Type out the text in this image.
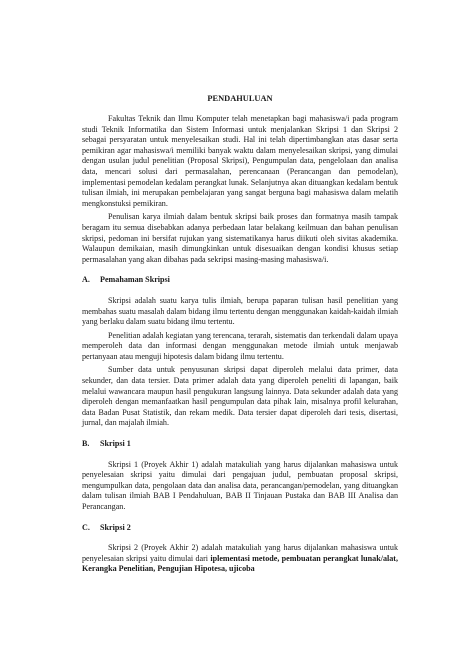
PENDAHULUAN

Fakultas Teknik dan Ilmu Komputer telah menetapkan bagi mahasiswa/i pada program studi Teknik Informatika dan Sistem Informasi untuk menjalankan Skripsi 1 dan Skripsi 2 sebagai persyaratan untuk menyelesaikan studi. Hal ini telah dipertimbangkan atas dasar serta pemikiran agar mahasiswa/i memiliki banyak waktu dalam menyelesaikan skripsi, yang dimulai dengan usulan judul penelitian (Proposal Skripsi), Pengumpulan data, pengelolaan dan analisa data, mencari solusi dari permasalahan, perencanaan (Perancangan dan pemodelan), implementasi pemodelan kedalam perangkat lunak. Selanjutnya akan dituangkan kedalam bentuk tulisan ilmiah, ini merupakan pembelajaran yang sangat berguna bagi mahasiswa dalam melatih mengkonstuksi pemikiran.

Penulisan karya ilmiah dalam bentuk skripsi baik proses dan formatnya masih tampak beragam itu semua disebabkan adanya perbedaan latar belakang keilmuan dan bahan penulisan skripsi, pedoman ini bersifat rujukan yang sistematikanya harus diikuti oleh sivitas akademika. Walaupun demikaian, masih dimungkinkan untuk disesuaikan dengan kondisi khusus setiap permasalahan yang akan dibahas pada sekripsi masing-masing mahasiswa/i.

A. Pemahaman Skripsi

Skripsi adalah suatu karya tulis ilmiah, berupa paparan tulisan hasil penelitian yang membahas suatu masalah dalam bidang ilmu tertentu dengan menggunakan kaidah-kaidah ilmiah yang berlaku dalam suatu bidang ilmu tertentu.

Penelitian adalah kegiatan yang terencana, terarah, sistematis dan terkendali dalam upaya memperoleh data dan informasi dengan menggunakan metode ilmiah untuk menjawab pertanyaan atau menguji hipotesis dalam bidang ilmu tertentu.

Sumber data untuk penyusunan skripsi dapat diperoleh melalui data primer, data sekunder, dan data tersier. Data primer adalah data yang diperoleh peneliti di lapangan, baik melalui wawancara maupun hasil pengukuran langsung lainnya. Data sekunder adalah data yang diperoleh dengan memanfaatkan hasil pengumpulan data pihak lain, misalnya profil kelurahan, data Badan Pusat Statistik, dan rekam medik. Data tersier dapat diperoleh dari tesis, disertasi, jurnal, dan majalah ilmiah.

B. Skripsi 1

Skripsi 1 (Proyek Akhir 1) adalah matakuliah yang harus dijalankan mahasiswa untuk penyelesaian skripsi yaitu dimulai dari pengajuan judul, pembuatan proposal skripsi, mengumpulkan data, pengolaan data dan analisa data, perancangan/pemodelan, yang dituangkan dalam tulisan ilmiah BAB I Pendahuluan, BAB II Tinjauan Pustaka dan BAB III Analisa dan Perancangan.

C. Skripsi 2

Skripsi 2 (Proyek Akhir 2) adalah matakuliah yang harus dijalankan mahasiswa untuk penyelesaian skripsi yaitu dimulai dari iplementasi metode, pembuatan perangkat lunak/alat, Kerangka Penelitian, Pengujian Hipotesa, ujicoba
